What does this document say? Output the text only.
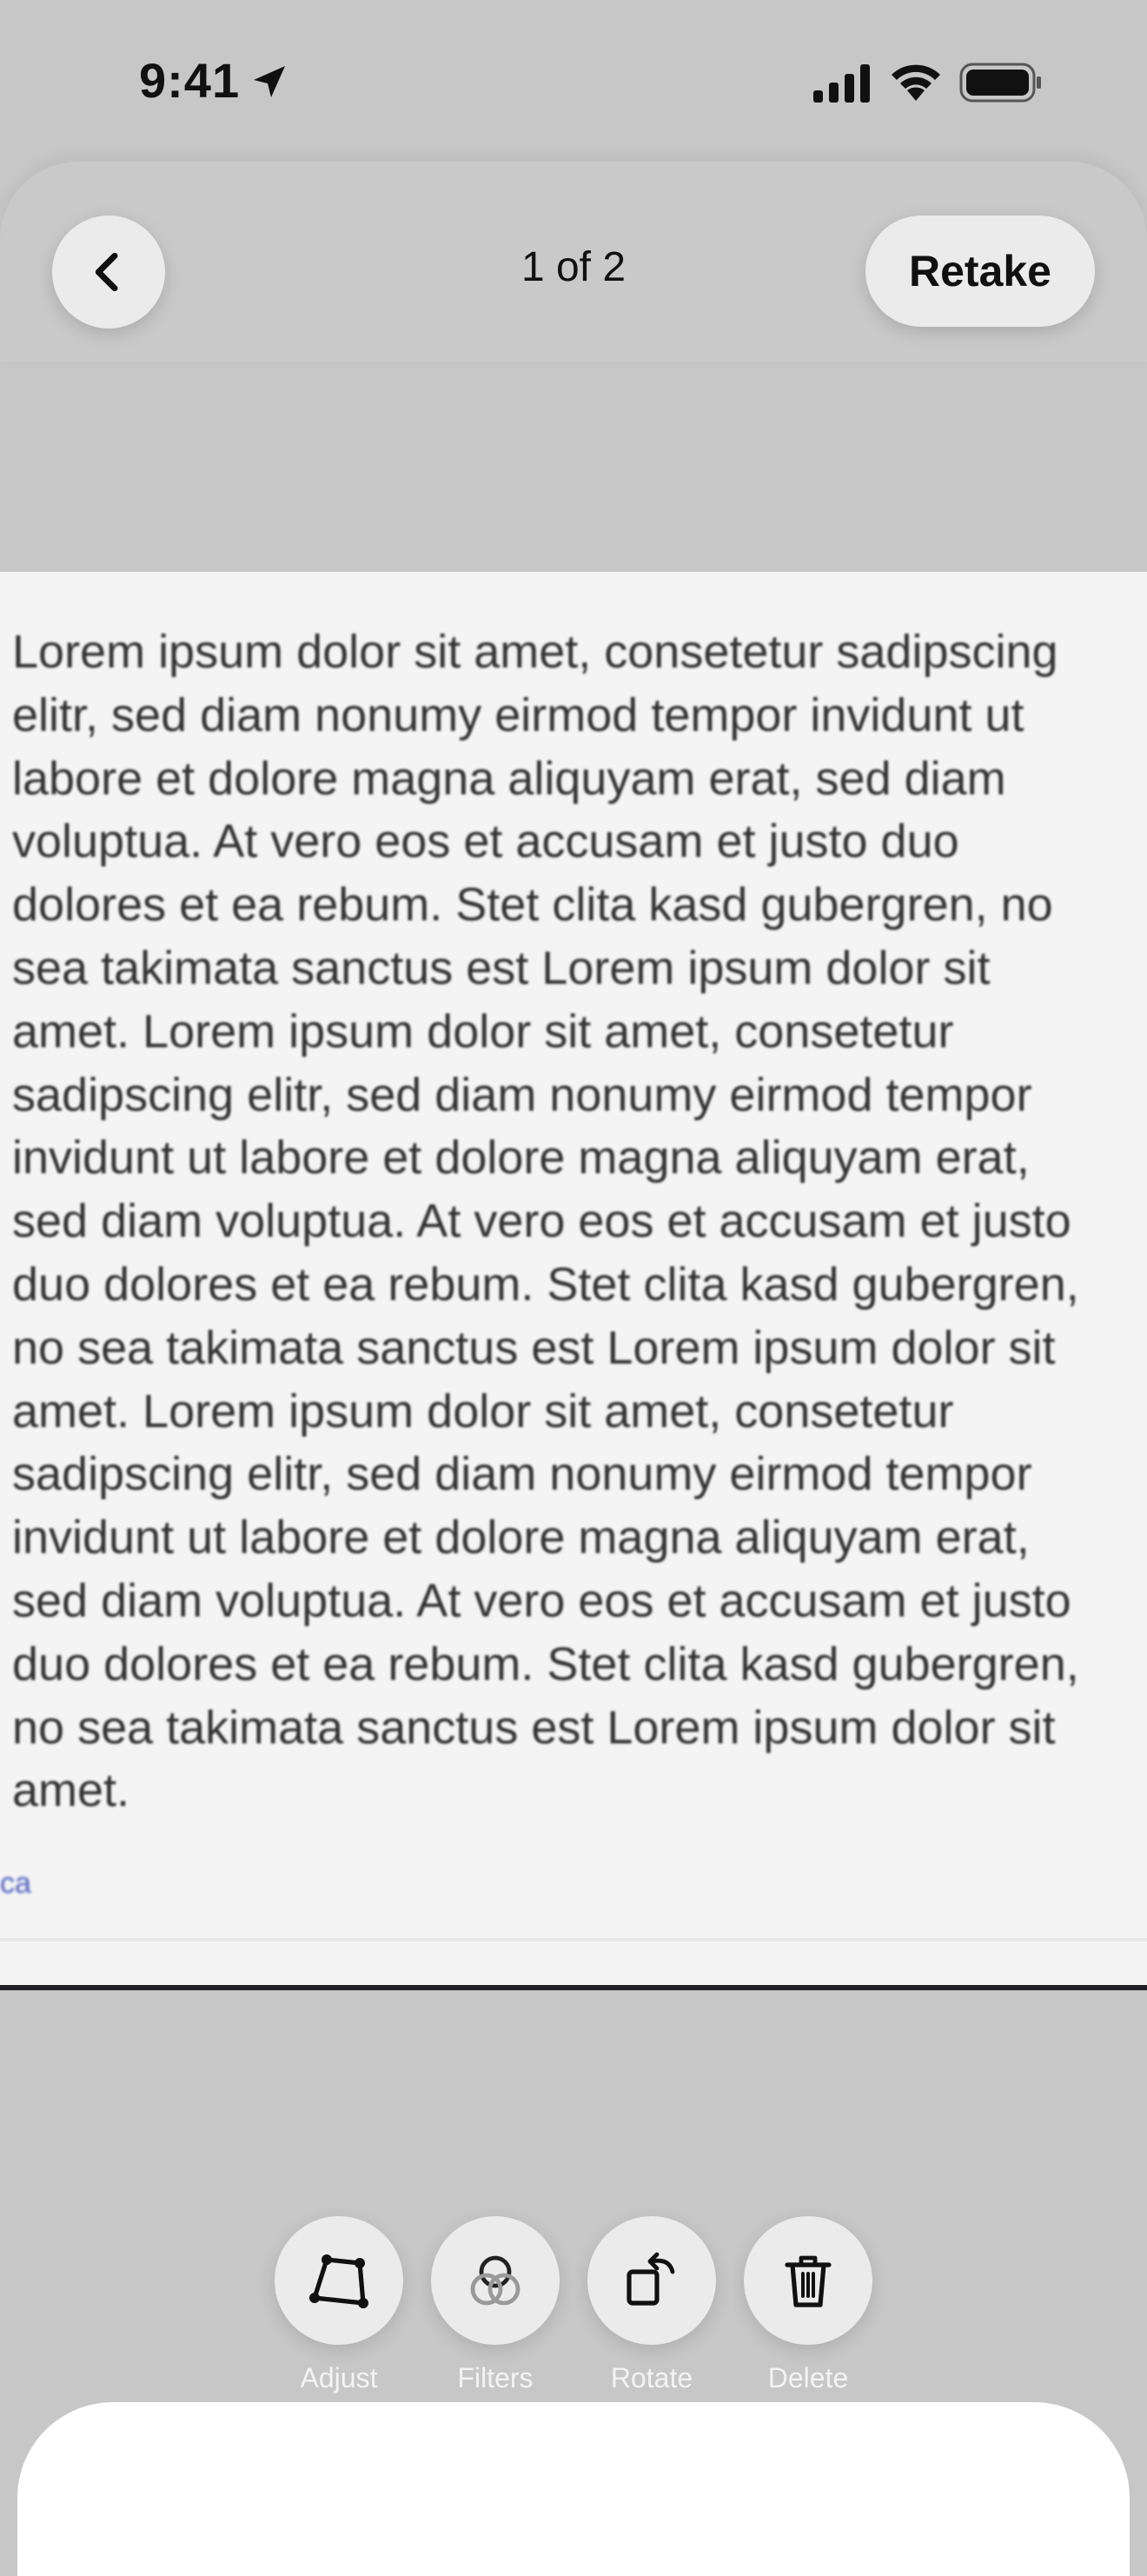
9:41
1 of 2	Retake
Lorem ipsum dolor sit amet, consetetur sadipscing
elitr, sed diam nonumy eirmod tempor invidunt ut
labore et dolore magna aliquyam erat, sed diam
voluptua. At vero eos et accusam et justo duo
dolores et ea rebum. Stet clita kasd gubergren, no
sea takimata sanctus est Lorem ipsum dolor sit
amet. Lorem ipsum dolor sit amet, consetetur
sadipscing elitr, sed diam nonumy eirmod tempor
invidunt ut labore et dolore magna aliquyam erat,
sed diam voluptua. At vero eos et accusam et justo
duo dolores et ea rebum. Stet clita kasd gubergren,
no sea takimata sanctus est Lorem ipsum dolor sit
amet. Lorem ipsum dolor sit amet, consetetur
sadipscing elitr, sed diam nonumy eirmod tempor
invidunt ut labore et dolore magna aliquyam erat,
sed diam voluptua. At vero eos et accusam et justo
duo dolores et ea rebum. Stet clita kasd gubergren,
no sea takimata sanctus est Lorem ipsum dolor sit
amet.
ca
Adjust	Filters	Rotate	Delete
